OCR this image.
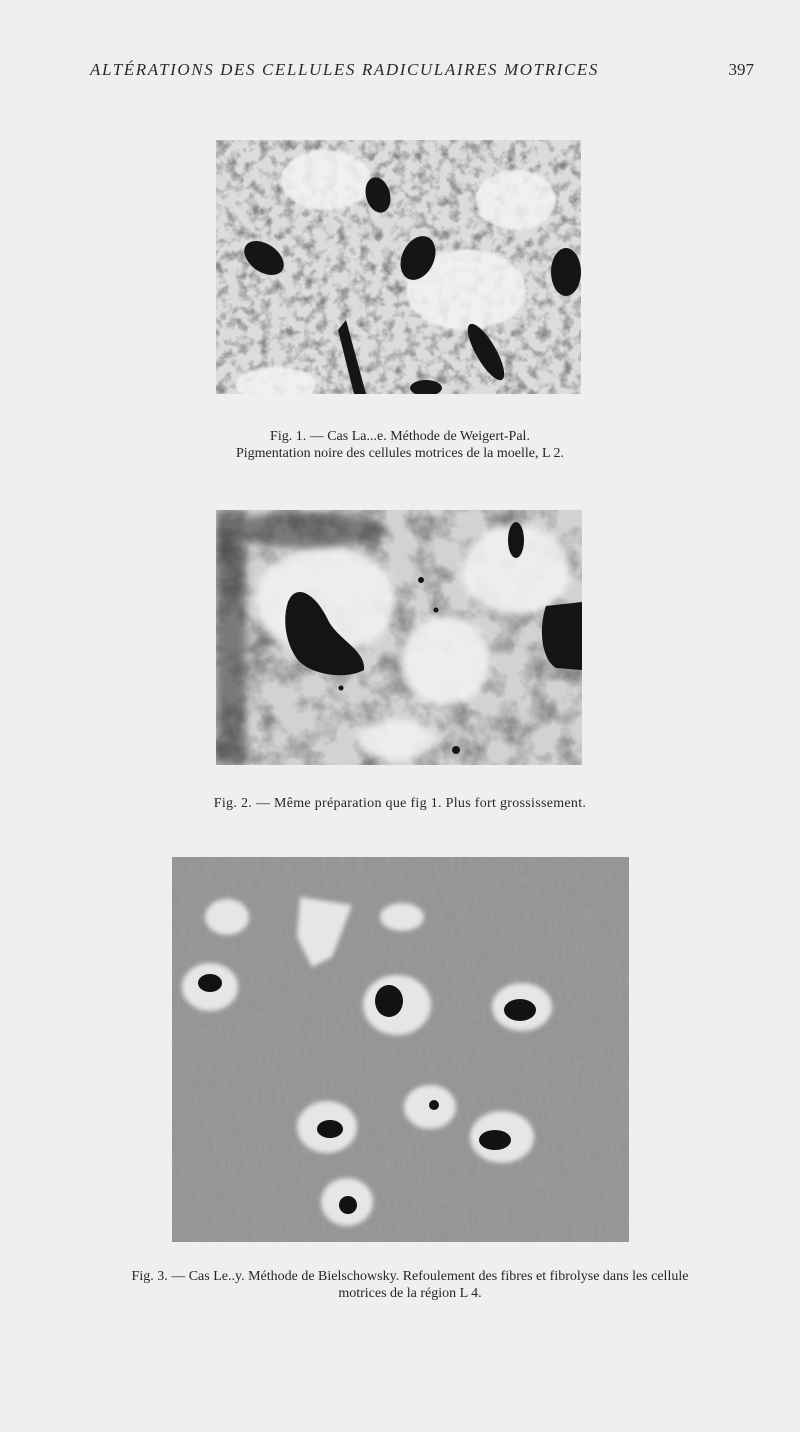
ALTÉRATIONS DES CELLULES RADICULAIRES MOTRICES	397
Fig. 1. — Cas La...e. Méthode de Weigert-Pal.
Pigmentation noire des cellules motrices de la moelle, L 2.
Fig. 2. — Même préparation que fig 1. Plus fort grossissement.
Fig. 3. — Cas Le..y. Méthode de Bielschowsky. Refoulement des fibres et fibrolyse dans les cellule
motrices de la région L 4.
